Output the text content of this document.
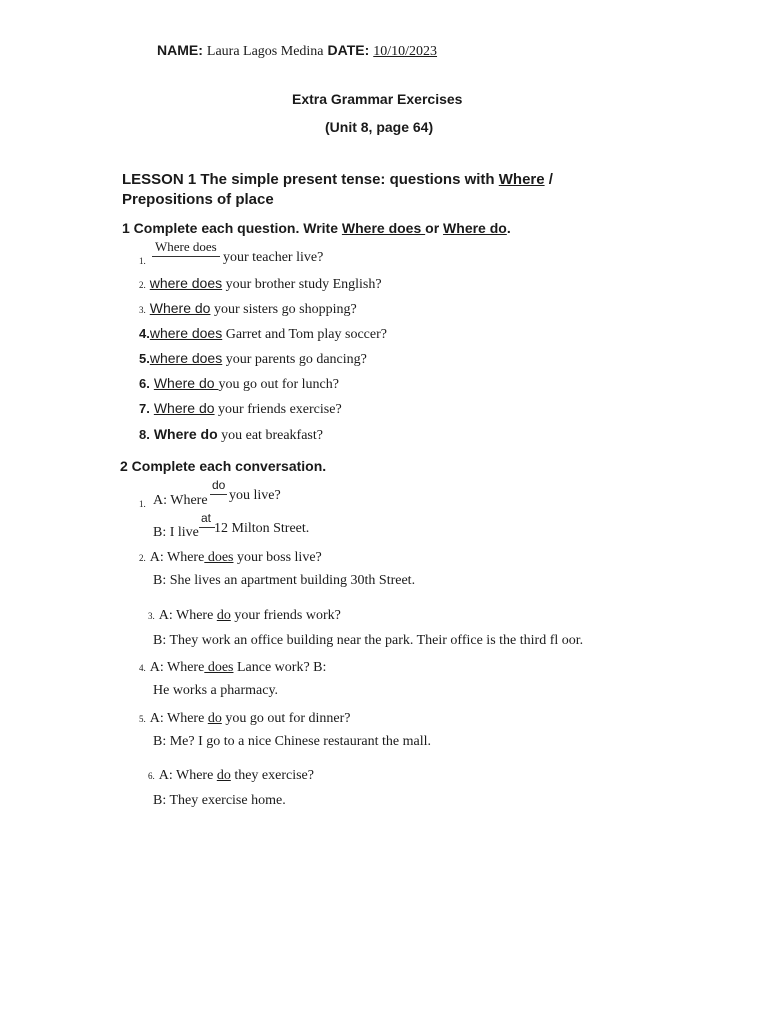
NAME: Laura Lagos Medina DATE: 10/10/2023
Extra Grammar Exercises
(Unit 8, page 64)
LESSON 1 The simple present tense: questions with Where /
Prepositions of place
1 Complete each question. Write Where does or Where do.
Where does
1.	your teacher live?
2. where does your brother study English?
3. Where do your sisters go shopping?
4.where does Garret and Tom play soccer?
5.where does your parents go dancing?
6. Where do you go out for lunch?
7. Where do your friends exercise?
8. Where do you eat breakfast?
2 Complete each conversation.
1. A: Where
do
you live?
B: I live
at
12 Milton Street.
2. A: Where does your boss live?
B: She lives an apartment building 30th Street.
3. A: Where do your friends work?
B: They work an office building near the park. Their office is the third fl oor.
4. A: Where does Lance work? B:
He works a pharmacy.
5. A: Where do you go out for dinner?
B: Me? I go to a nice Chinese restaurant the mall.
6. A: Where do they exercise?
B: They exercise home.
